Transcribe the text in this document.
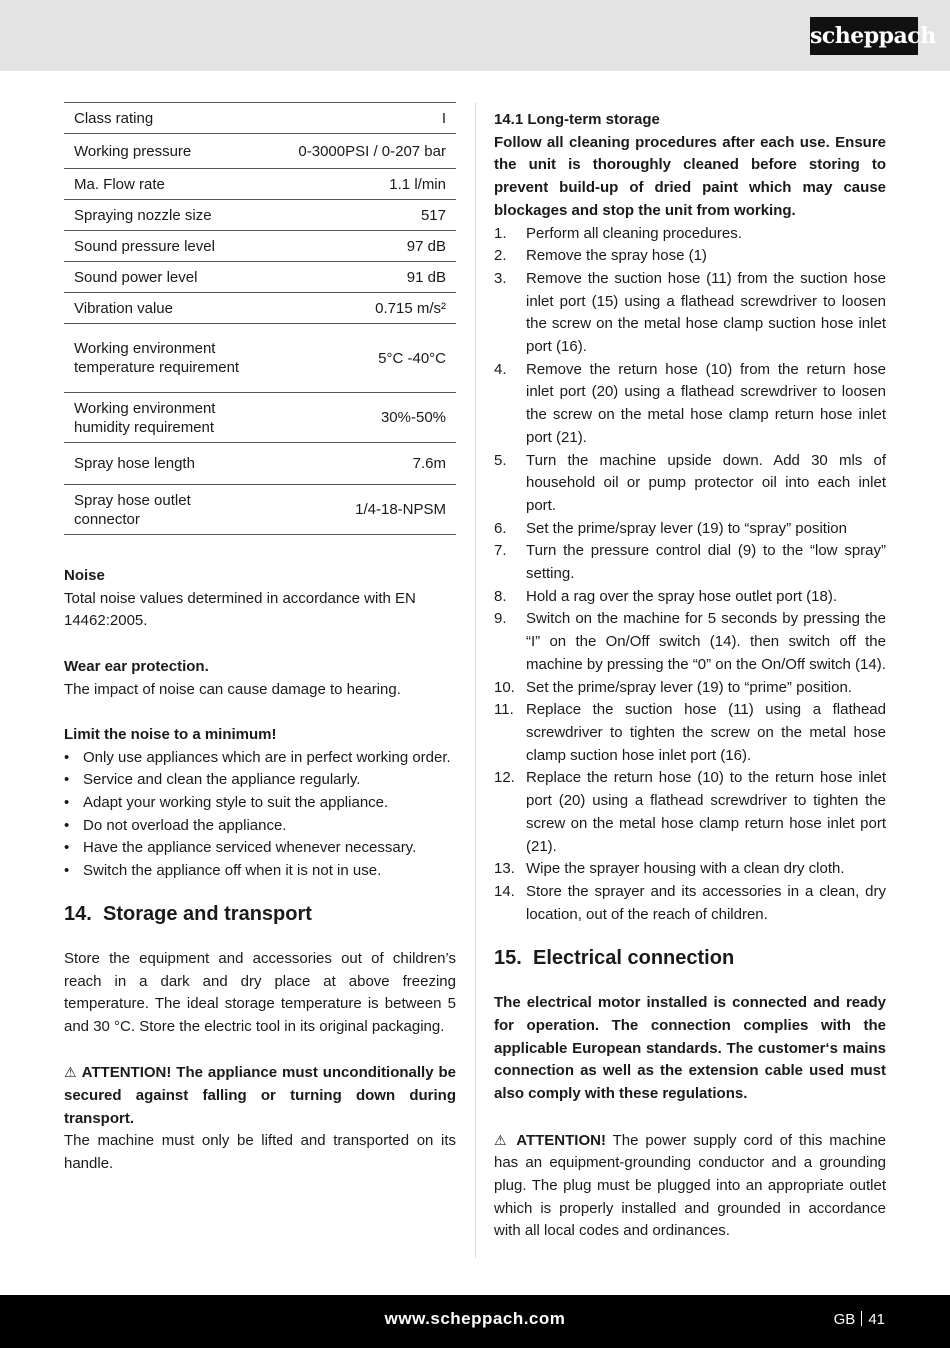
scheppach
Class rating	I
Working pressure	0-3000PSI / 0-207 bar
Ma. Flow rate	1.1 l/min
Spraying nozzle size	517
Sound pressure level	97 dB
Sound power level	91 dB
Vibration value	0.715 m/s²
Working environment temperature requirement	5°C -40°C
Working environment humidity requirement	30%-50%
Spray hose length	7.6m
Spray hose outlet connector	1/4-18-NPSM

Noise

Total noise values determined in accordance with EN 14462:2005.

Wear ear protection.

The impact of noise can cause damage to hearing.

Limit the noise to a minimum!

• Only use appliances which are in perfect working order.
• Service and clean the appliance regularly.
• Adapt your working style to suit the appliance.
• Do not overload the appliance.
• Have the appliance serviced whenever necessary.
• Switch the appliance off when it is not in use.
14. Storage and transport

Store the equipment and accessories out of children’s reach in a dark and dry place at above freezing temperature. The ideal storage temperature is between 5 and 30 °C. Store the electric tool in its original packaging.

⚠ ATTENTION! The appliance must unconditionally be secured against falling or turning down during transport.

The machine must only be lifted and transported on its handle.

14.1 Long-term storage

Follow all cleaning procedures after each use. Ensure the unit is thoroughly cleaned before storing to prevent build-up of dried paint which may cause blockages and stop the unit from working.

1. Perform all cleaning procedures.
2. Remove the spray hose (1)
3. Remove the suction hose (11) from the suction hose inlet port (15) using a flathead screwdriver to loosen the screw on the metal hose clamp suction hose inlet port (16).
4. Remove the return hose (10) from the return hose inlet port (20) using a flathead screwdriver to loosen the screw on the metal hose clamp return hose inlet port (21).
5. Turn the machine upside down. Add 30 mls of household oil or pump protector oil into each inlet port.
6. Set the prime/spray lever (19) to “spray” position
7. Turn the pressure control dial (9) to the “low spray” setting.
8. Hold a rag over the spray hose outlet port (18).
9. Switch on the machine for 5 seconds by pressing the “I” on the On/Off switch (14). then switch off the machine by pressing the “0” on the On/Off switch (14).
10. Set the prime/spray lever (19) to “prime” position.
11. Replace the suction hose (11) using a flathead screwdriver to tighten the screw on the metal hose clamp suction hose inlet port (16).
12. Replace the return hose (10) to the return hose inlet port (20) using a flathead screwdriver to tighten the screw on the metal hose clamp return hose inlet port (21).
13. Wipe the sprayer housing with a clean dry cloth.
14. Store the sprayer and its accessories in a clean, dry location, out of the reach of children.
15. Electrical connection

The electrical motor installed is connected and ready for operation. The connection complies with the applicable European standards. The customer‘s mains connection as well as the extension cable used must also comply with these regulations.

⚠ ATTENTION! The power supply cord of this machine has an equipment-grounding conductor and a grounding plug. The plug must be plugged into an appropriate outlet which is properly installed and grounded in accordance with all local codes and ordinances.

www.scheppach.com	GB 41
